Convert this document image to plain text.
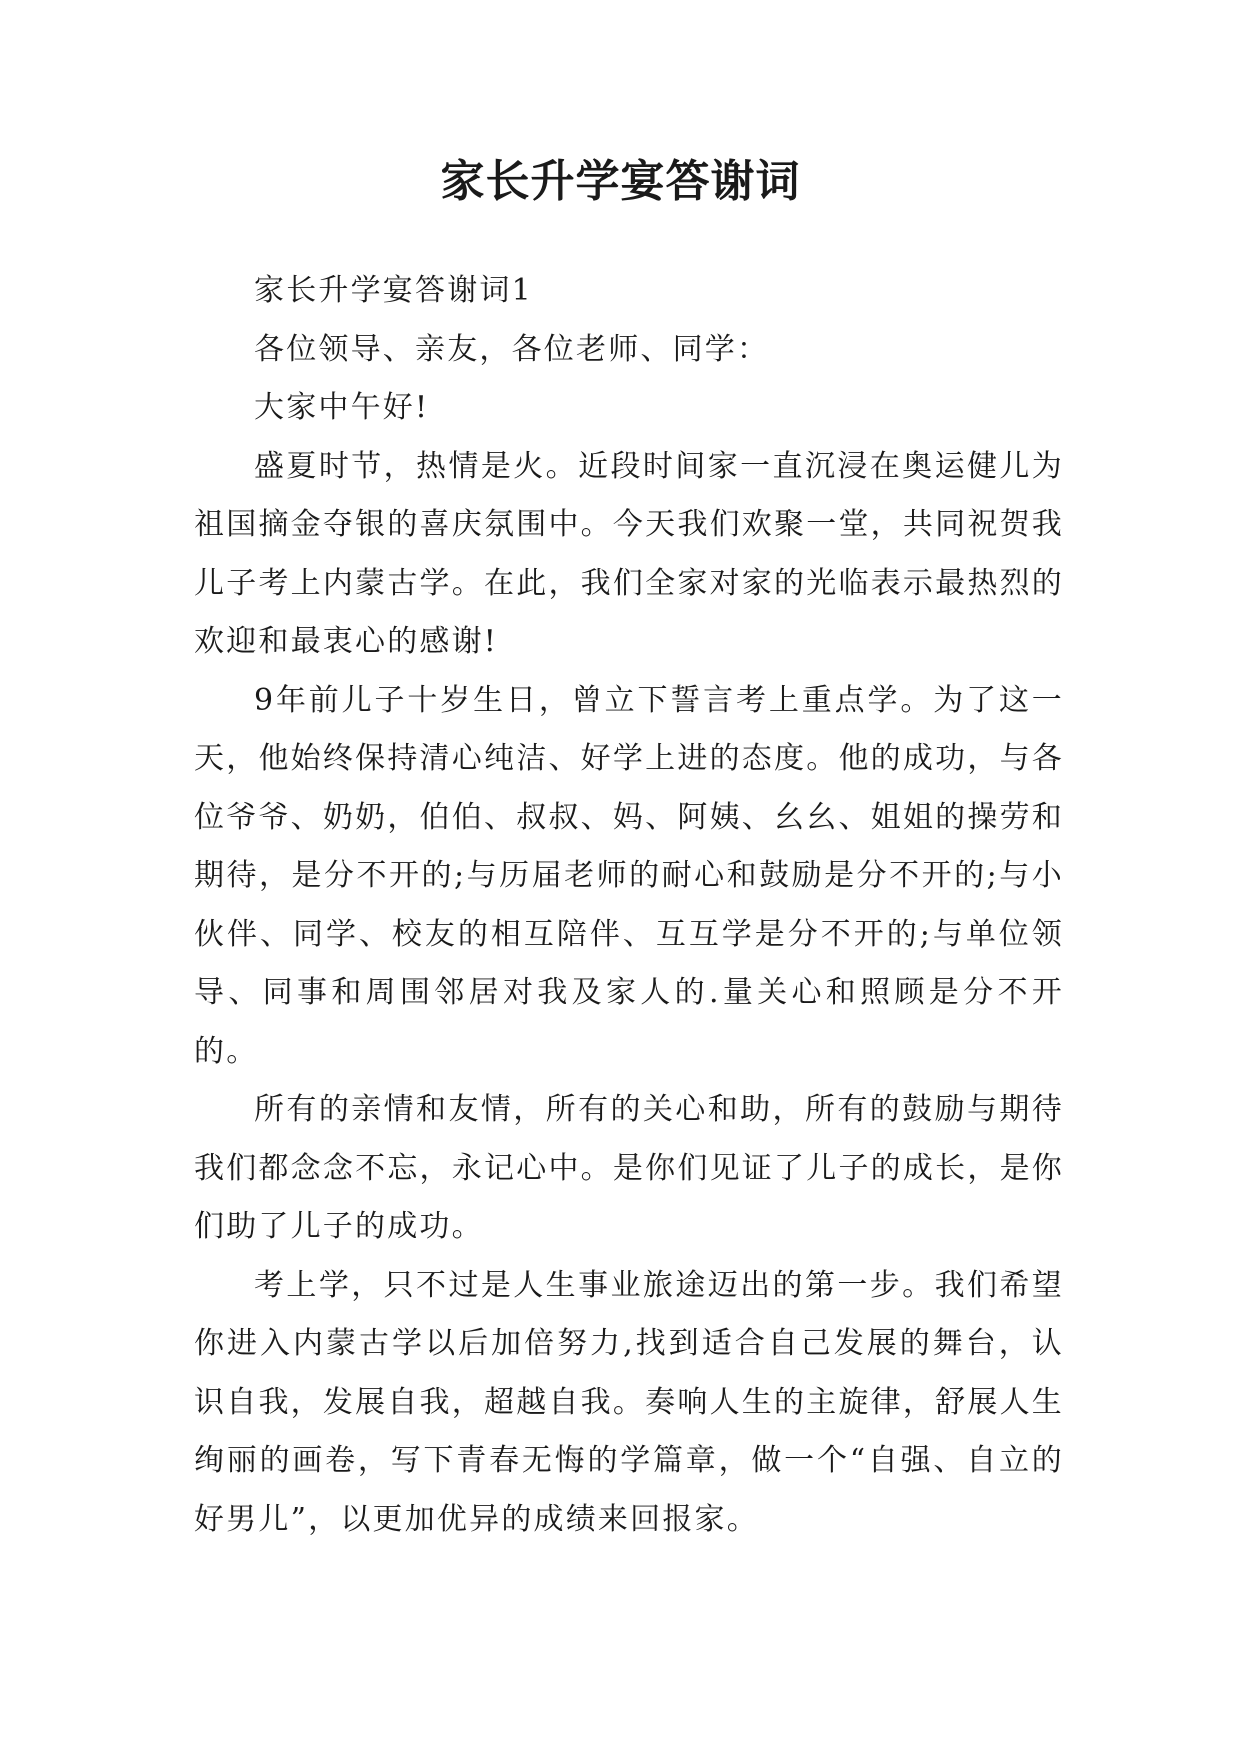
家长升学宴答谢词

家长升学宴答谢词1

各位领导、亲友，各位老师、同学：

大家中午好!

盛夏时节，热情是火。近段时间家一直沉浸在奥运健儿为祖国摘金夺银的喜庆氛围中。今天我们欢聚一堂，共同祝贺我儿子考上内蒙古学。在此，我们全家对家的光临表示最热烈的欢迎和最衷心的感谢!

9年前儿子十岁生日，曾立下誓言考上重点学。为了这一天，他始终保持清心纯洁、好学上进的态度。他的成功，与各位爷爷、奶奶，伯伯、叔叔、妈、阿姨、幺幺、姐姐的操劳和期待，是分不开的;与历届老师的耐心和鼓励是分不开的;与小伙伴、同学、校友的相互陪伴、互互学是分不开的;与单位领导、同事和周围邻居对我及家人的.量关心和照顾是分不开的。

所有的亲情和友情，所有的关心和助，所有的鼓励与期待我们都念念不忘，永记心中。是你们见证了儿子的成长，是你们助了儿子的成功。

考上学，只不过是人生事业旅途迈出的第一步。我们希望你进入内蒙古学以后加倍努力,找到适合自己发展的舞台，认识自我，发展自我，超越自我。奏响人生的主旋律，舒展人生绚丽的画卷，写下青春无悔的学篇章，做一个“自强、自立的好男儿”，以更加优异的成绩来回报家。
